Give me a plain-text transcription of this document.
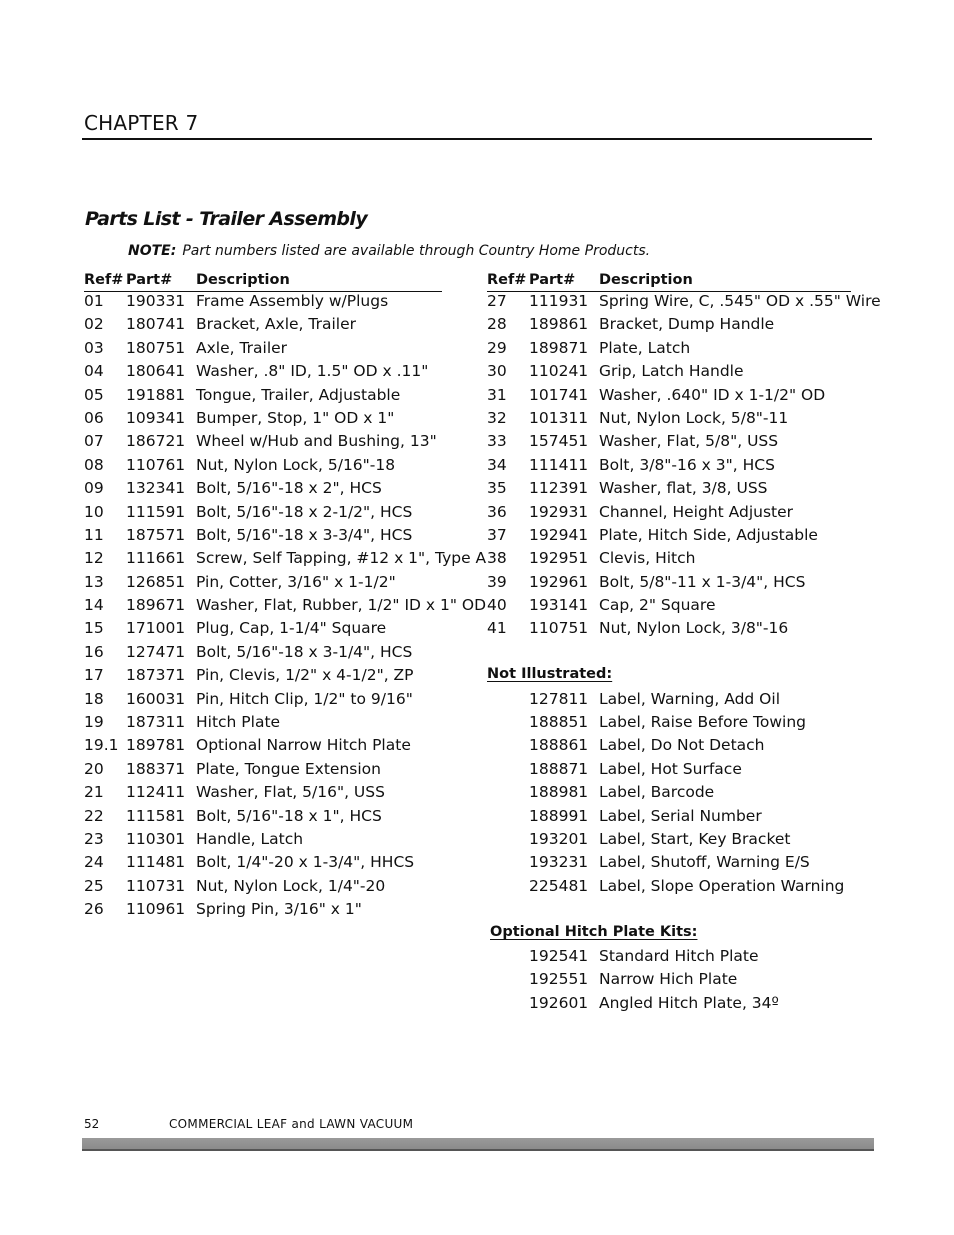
CHAPTER 7
Parts List - Trailer Assembly
NOTE: Part numbers listed are available through Country Home Products.
Ref# Part# Description
01 190331 Frame Assembly w/Plugs
02 180741 Bracket, Axle, Trailer
03 180751 Axle, Trailer
04 180641 Washer, .8" ID, 1.5" OD x .11"
05 191881 Tongue, Trailer, Adjustable
06 109341 Bumper, Stop, 1" OD x 1"
07 186721 Wheel w/Hub and Bushing, 13"
08 110761 Nut, Nylon Lock, 5/16"-18
09 132341 Bolt, 5/16"-18 x 2", HCS
10 111591 Bolt, 5/16"-18 x 2-1/2", HCS
11 187571 Bolt, 5/16"-18 x 3-3/4", HCS
12 111661 Screw, Self Tapping, #12 x 1", Type A
13 126851 Pin, Cotter, 3/16" x 1-1/2"
14 189671 Washer, Flat, Rubber, 1/2" ID x 1" OD
15 171001 Plug, Cap, 1-1/4" Square
16 127471 Bolt, 5/16"-18 x 3-1/4", HCS
17 187371 Pin, Clevis, 1/2" x 4-1/2", ZP
18 160031 Pin, Hitch Clip, 1/2" to 9/16"
19 187311 Hitch Plate
19.1 189781 Optional Narrow Hitch Plate
20 188371 Plate, Tongue Extension
21 112411 Washer, Flat, 5/16", USS
22 111581 Bolt, 5/16"-18 x 1", HCS
23 110301 Handle, Latch
24 111481 Bolt, 1/4"-20 x 1-3/4", HHCS
25 110731 Nut, Nylon Lock, 1/4"-20
26 110961 Spring Pin, 3/16" x 1"
Ref# Part# Description
27 111931 Spring Wire, C, .545" OD x .55" Wire
28 189861 Bracket, Dump Handle
29 189871 Plate, Latch
30 110241 Grip, Latch Handle
31 101741 Washer, .640" ID x 1-1/2" OD
32 101311 Nut, Nylon Lock, 5/8"-11
33 157451 Washer, Flat, 5/8", USS
34 111411 Bolt, 3/8"-16 x 3", HCS
35 112391 Washer, flat, 3/8, USS
36 192931 Channel, Height Adjuster
37 192941 Plate, Hitch Side, Adjustable
38 192951 Clevis, Hitch
39 192961 Bolt, 5/8"-11 x 1-3/4", HCS
40 193141 Cap, 2" Square
41 110751 Nut, Nylon Lock, 3/8"-16
Not Illustrated:
127811 Label, Warning, Add Oil
188851 Label, Raise Before Towing
188861 Label, Do Not Detach
188871 Label, Hot Surface
188981 Label, Barcode
188991 Label, Serial Number
193201 Label, Start, Key Bracket
193231 Label, Shutoff, Warning E/S
225481 Label, Slope Operation Warning
Optional Hitch Plate Kits:
192541 Standard Hitch Plate
192551 Narrow Hich Plate
192601 Angled Hitch Plate, 34º
52	COMMERCIAL LEAF and LAWN VACUUM
